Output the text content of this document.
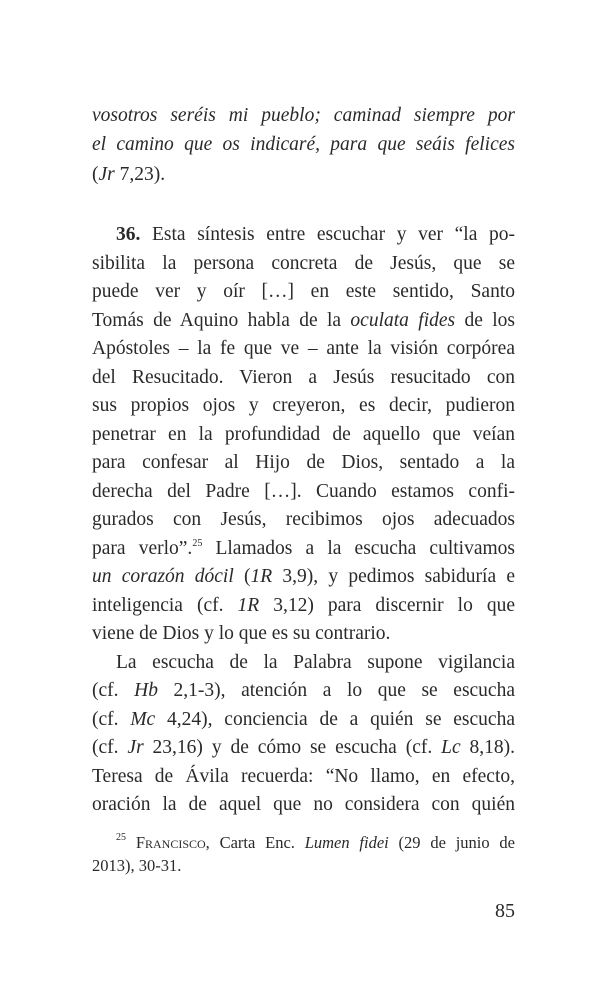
vosotros seréis mi pueblo; caminad siempre por
el camino que os indicaré, para que seáis felices
(Jr 7,23).
36. Esta síntesis entre escuchar y ver “la po-
sibilita la persona concreta de Jesús, que se
puede ver y oír […] en este sentido, Santo
Tomás de Aquino habla de la oculata fides de los
Apóstoles – la fe que ve – ante la visión corpórea
del Resucitado. Vieron a Jesús resucitado con
sus propios ojos y creyeron, es decir, pudieron
penetrar en la profundidad de aquello que veían
para confesar al Hijo de Dios, sentado a la
derecha del Padre […]. Cuando estamos confi-
gurados con Jesús, recibimos ojos adecuados
para verlo”.$^{25}$ Llamados a la escucha cultivamos
un corazón dócil (1R 3,9), y pedimos sabiduría e
inteligencia (cf. 1R 3,12) para discernir lo que
viene de Dios y lo que es su contrario.
La escucha de la Palabra supone vigilancia
(cf. Hb 2,1-3), atención a lo que se escucha
(cf. Mc 4,24), conciencia de a quién se escucha
(cf. Jr 23,16) y de cómo se escucha (cf. Lc 8,18).
Teresa de Ávila recuerda: “No llamo, en efecto,
oración la de aquel que no considera con quién
$^{25}$ Francisco, Carta Enc. Lumen fidei (29 de junio de
2013), 30-31.
85
